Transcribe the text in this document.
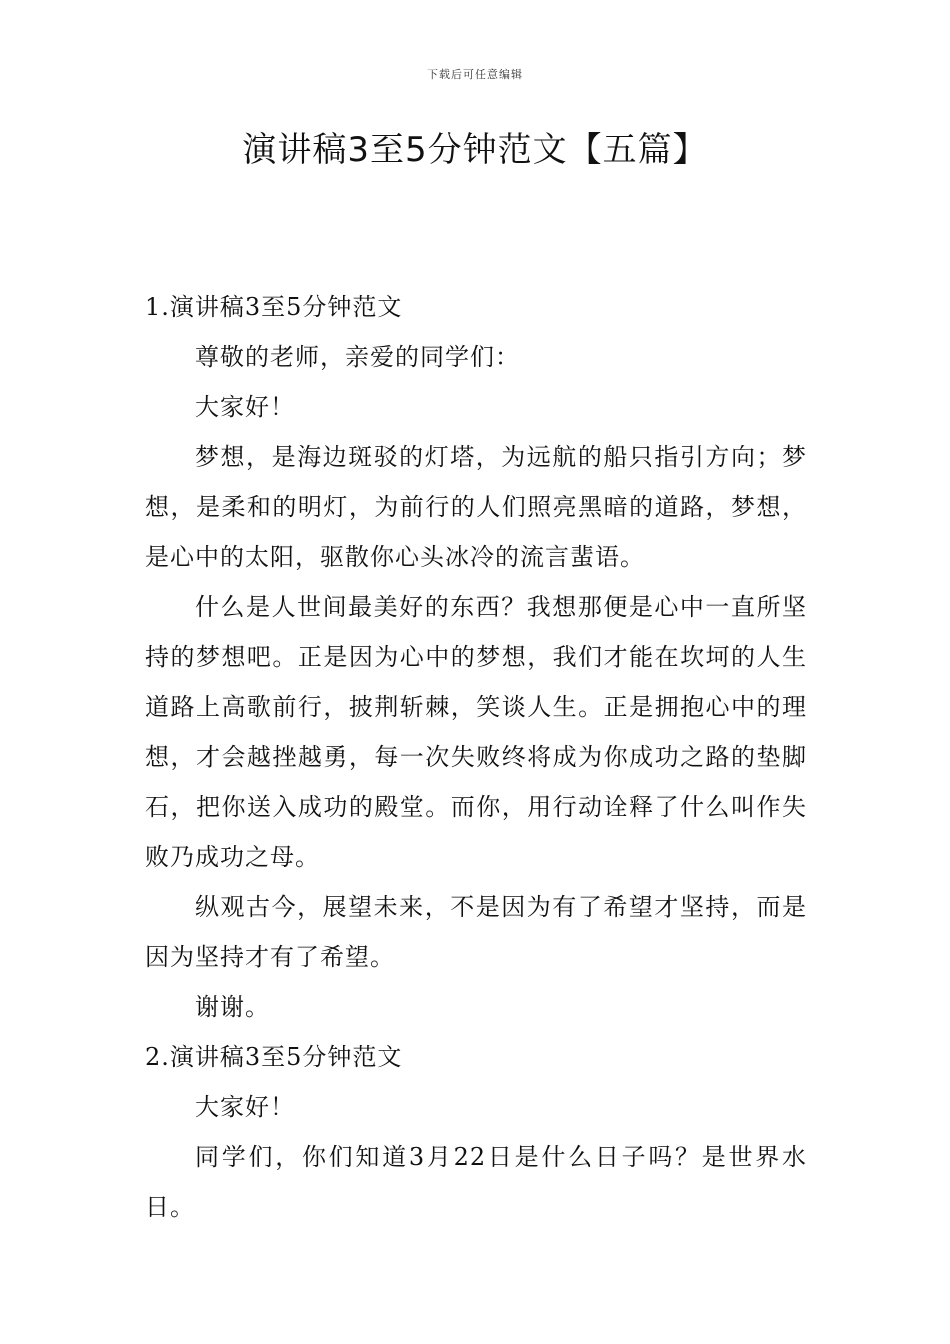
下载后可任意编辑
演讲稿3至5分钟范文【五篇】

1.演讲稿3至5分钟范文

尊敬的老师，亲爱的同学们：

大家好！

梦想，是海边斑驳的灯塔，为远航的船只指引方向；梦想，是柔和的明灯，为前行的人们照亮黑暗的道路，梦想，是心中的太阳，驱散你心头冰冷的流言蜚语。

什么是人世间最美好的东西？我想那便是心中一直所坚持的梦想吧。正是因为心中的梦想，我们才能在坎坷的人生道路上高歌前行，披荆斩棘，笑谈人生。正是拥抱心中的理想，才会越挫越勇，每一次失败终将成为你成功之路的垫脚石，把你送入成功的殿堂。而你，用行动诠释了什么叫作失败乃成功之母。

纵观古今，展望未来，不是因为有了希望才坚持，而是因为坚持才有了希望。

谢谢。

2.演讲稿3至5分钟范文

大家好！

同学们，你们知道3月22日是什么日子吗？是世界水日。
